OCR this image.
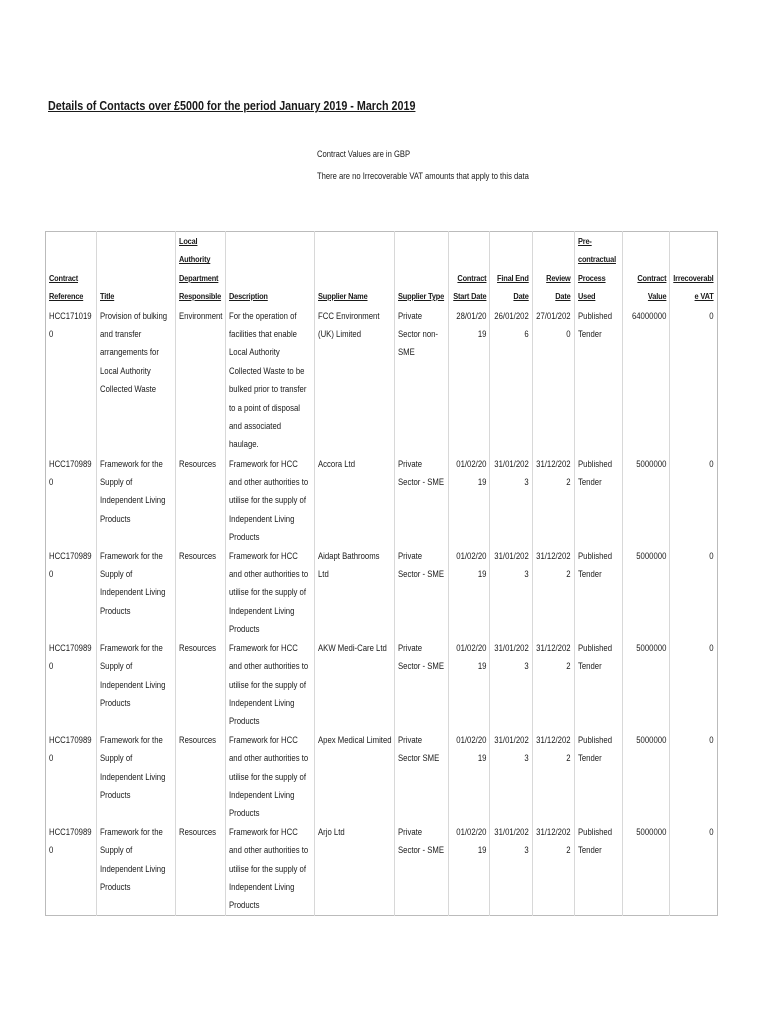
Details of Contacts over £5000 for the period January 2019 - March 2019
Contract Values are in GBP
There are no Irrecoverable VAT amounts that apply to this data
Contract Reference	Title	Local Authority Department Responsible	Description	Supplier Name	Supplier Type	Contract Start Date	Final End Date	Review Date	Pre-contractual Process Used	Contract Value	Irrecoverable VAT

HCC1710190	Provision of bulking and transfer arrangements for Local Authority Collected Waste	Environment	For the operation of facilities that enable Local Authority Collected Waste to be bulked prior to transfer to a point of disposal and associated haulage.	FCC Environment (UK) Limited	Private Sector non-SME	28/01/2019	26/01/2026	27/01/2020	Published Tender	64000000	0

HCC1709890	Framework for the Supply of Independent Living Products	Resources	Framework for HCC and other authorities to utilise for the supply of Independent Living Products	Accora Ltd	Private Sector - SME	01/02/2019	31/01/2023	31/12/2022	Published Tender	5000000	0

HCC1709890	Framework for the Supply of Independent Living Products	Resources	Framework for HCC and other authorities to utilise for the supply of Independent Living Products	Aidapt Bathrooms Ltd	Private Sector - SME	01/02/2019	31/01/2023	31/12/2022	Published Tender	5000000	0

HCC1709890	Framework for the Supply of Independent Living Products	Resources	Framework for HCC and other authorities to utilise for the supply of Independent Living Products	AKW Medi-Care Ltd	Private Sector - SME	01/02/2019	31/01/2023	31/12/2022	Published Tender	5000000	0

HCC1709890	Framework for the Supply of Independent Living Products	Resources	Framework for HCC and other authorities to utilise for the supply of Independent Living Products	Apex Medical Limited	Private Sector SME	01/02/2019	31/01/2023	31/12/2022	Published Tender	5000000	0

HCC1709890	Framework for the Supply of Independent Living Products	Resources	Framework for HCC and other authorities to utilise for the supply of Independent Living Products	Arjo Ltd	Private Sector - SME	01/02/2019	31/01/2023	31/12/2022	Published Tender	5000000	0
